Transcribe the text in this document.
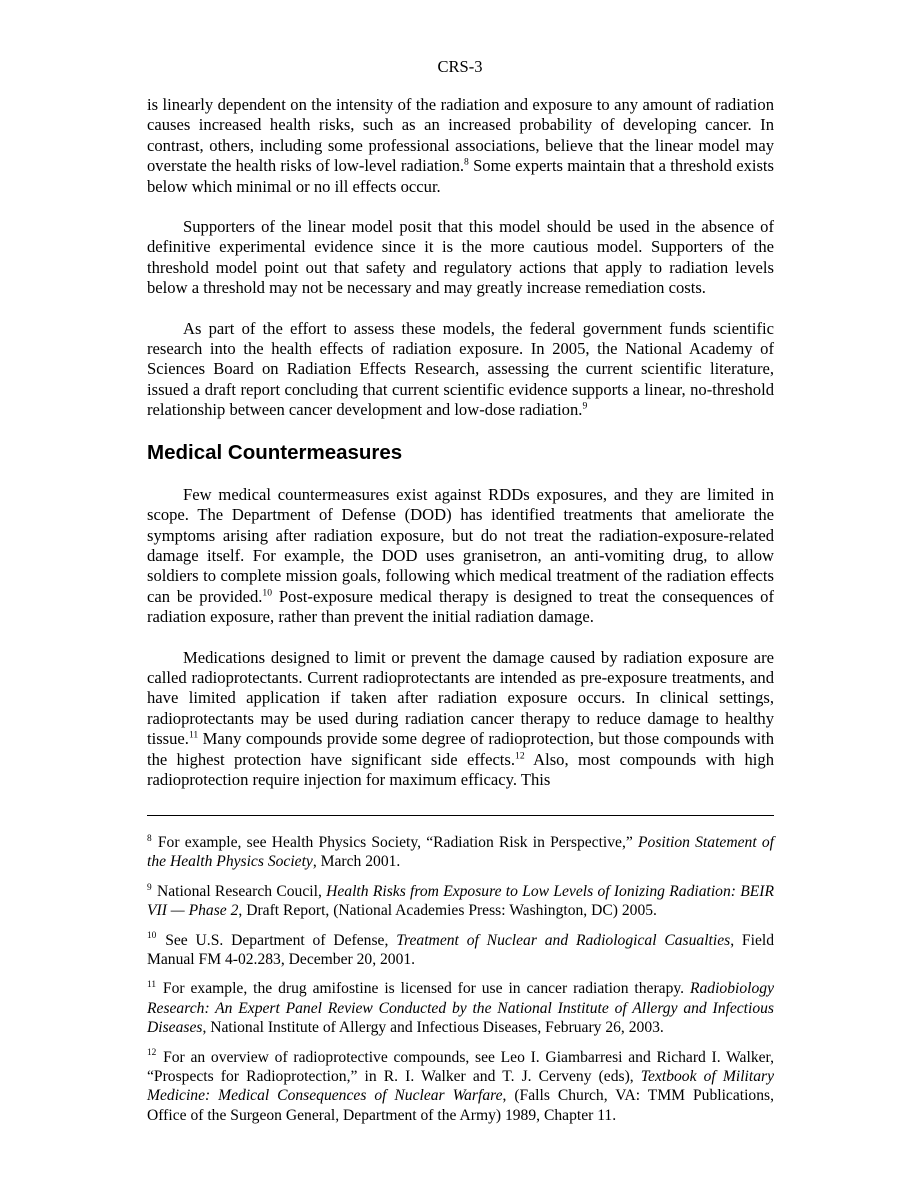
CRS-3

is linearly dependent on the intensity of the radiation and exposure to any amount of radiation causes increased health risks, such as an increased probability of developing cancer. In contrast, others, including some professional associations, believe that the linear model may overstate the health risks of low-level radiation.$^8$ Some experts maintain that a threshold exists below which minimal or no ill effects occur.

Supporters of the linear model posit that this model should be used in the absence of definitive experimental evidence since it is the more cautious model. Supporters of the threshold model point out that safety and regulatory actions that apply to radiation levels below a threshold may not be necessary and may greatly increase remediation costs.

As part of the effort to assess these models, the federal government funds scientific research into the health effects of radiation exposure. In 2005, the National Academy of Sciences Board on Radiation Effects Research, assessing the current scientific literature, issued a draft report concluding that current scientific evidence supports a linear, no-threshold relationship between cancer development and low-dose radiation.$^9$

Medical Countermeasures

Few medical countermeasures exist against RDDs exposures, and they are limited in scope. The Department of Defense (DOD) has identified treatments that ameliorate the symptoms arising after radiation exposure, but do not treat the radiation-exposure-related damage itself. For example, the DOD uses granisetron, an anti-vomiting drug, to allow soldiers to complete mission goals, following which medical treatment of the radiation effects can be provided.$^{10}$ Post-exposure medical therapy is designed to treat the consequences of radiation exposure, rather than prevent the initial radiation damage.

Medications designed to limit or prevent the damage caused by radiation exposure are called radioprotectants. Current radioprotectants are intended as pre-exposure treatments, and have limited application if taken after radiation exposure occurs. In clinical settings, radioprotectants may be used during radiation cancer therapy to reduce damage to healthy tissue.$^{11}$ Many compounds provide some degree of radioprotection, but those compounds with the highest protection have significant side effects.$^{12}$ Also, most compounds with high radioprotection require injection for maximum efficacy. This

$^8$ For example, see Health Physics Society, “Radiation Risk in Perspective,” Position Statement of the Health Physics Society, March 2001.

$^9$ National Research Coucil, Health Risks from Exposure to Low Levels of Ionizing Radiation: BEIR VII — Phase 2, Draft Report, (National Academies Press: Washington, DC) 2005.

$^{10}$ See U.S. Department of Defense, Treatment of Nuclear and Radiological Casualties, Field Manual FM 4-02.283, December 20, 2001.

$^{11}$ For example, the drug amifostine is licensed for use in cancer radiation therapy. Radiobiology Research: An Expert Panel Review Conducted by the National Institute of Allergy and Infectious Diseases, National Institute of Allergy and Infectious Diseases, February 26, 2003.

$^{12}$ For an overview of radioprotective compounds, see Leo I. Giambarresi and Richard I. Walker, “Prospects for Radioprotection,” in R. I. Walker and T. J. Cerveny (eds), Textbook of Military Medicine: Medical Consequences of Nuclear Warfare, (Falls Church, VA: TMM Publications, Office of the Surgeon General, Department of the Army) 1989, Chapter 11.
